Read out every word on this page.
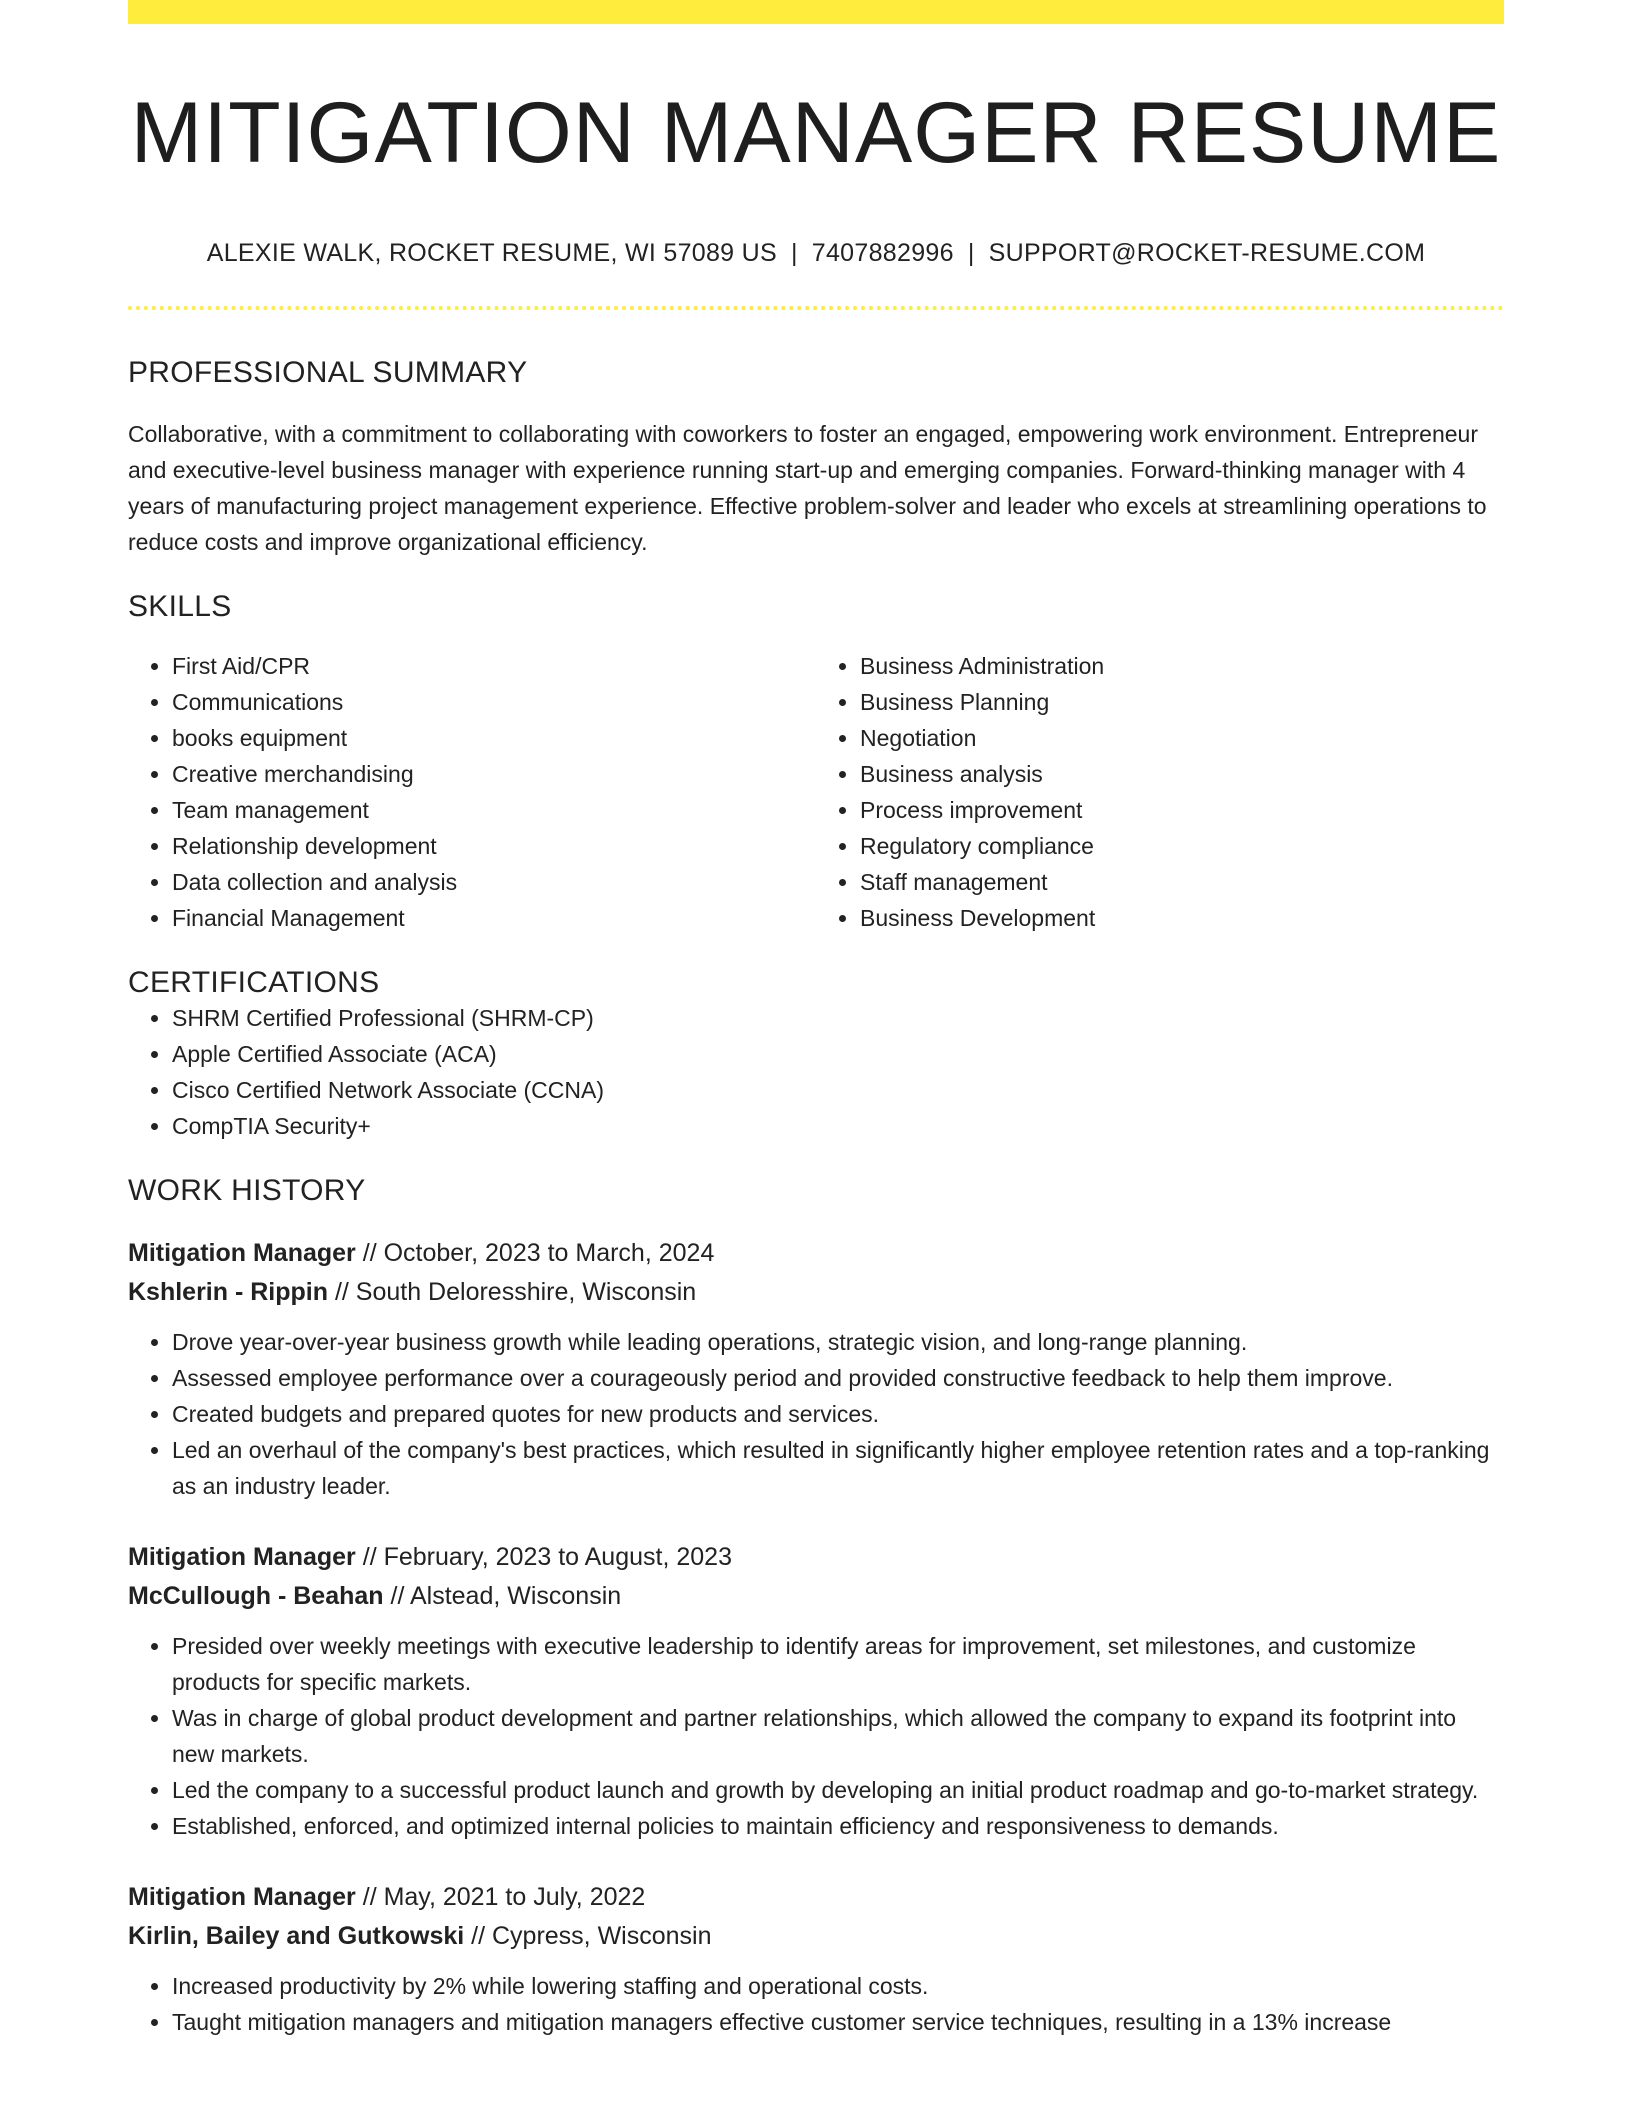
MITIGATION MANAGER RESUME
ALEXIE WALK, ROCKET RESUME, WI 57089 US | 7407882996 | SUPPORT@ROCKET-RESUME.COM
PROFESSIONAL SUMMARY

Collaborative, with a commitment to collaborating with coworkers to foster an engaged, empowering work environment. Entrepreneur and executive-level business manager with experience running start-up and emerging companies. Forward-thinking manager with 4 years of manufacturing project management experience. Effective problem-solver and leader who excels at streamlining operations to reduce costs and improve organizational efficiency.

SKILLS
• First Aid/CPR
• Communications
• books equipment
• Creative merchandising
• Team management
• Relationship development
• Data collection and analysis
• Financial Management
• Business Administration
• Business Planning
• Negotiation
• Business analysis
• Process improvement
• Regulatory compliance
• Staff management
• Business Development
CERTIFICATIONS
• SHRM Certified Professional (SHRM-CP)
• Apple Certified Associate (ACA)
• Cisco Certified Network Associate (CCNA)
• CompTIA Security+
WORK HISTORY
Mitigation Manager // October, 2023 to March, 2024
Kshlerin - Rippin // South Deloresshire, Wisconsin
• Drove year-over-year business growth while leading operations, strategic vision, and long-range planning.
• Assessed employee performance over a courageously period and provided constructive feedback to help them improve.
• Created budgets and prepared quotes for new products and services.
• Led an overhaul of the company's best practices, which resulted in significantly higher employee retention rates and a top-ranking as an industry leader.
Mitigation Manager // February, 2023 to August, 2023
McCullough - Beahan // Alstead, Wisconsin
• Presided over weekly meetings with executive leadership to identify areas for improvement, set milestones, and customize products for specific markets.
• Was in charge of global product development and partner relationships, which allowed the company to expand its footprint into new markets.
• Led the company to a successful product launch and growth by developing an initial product roadmap and go-to-market strategy.
• Established, enforced, and optimized internal policies to maintain efficiency and responsiveness to demands.
Mitigation Manager // May, 2021 to July, 2022
Kirlin, Bailey and Gutkowski // Cypress, Wisconsin
• Increased productivity by 2% while lowering staffing and operational costs.
• Taught mitigation managers and mitigation managers effective customer service techniques, resulting in a 13% increase
